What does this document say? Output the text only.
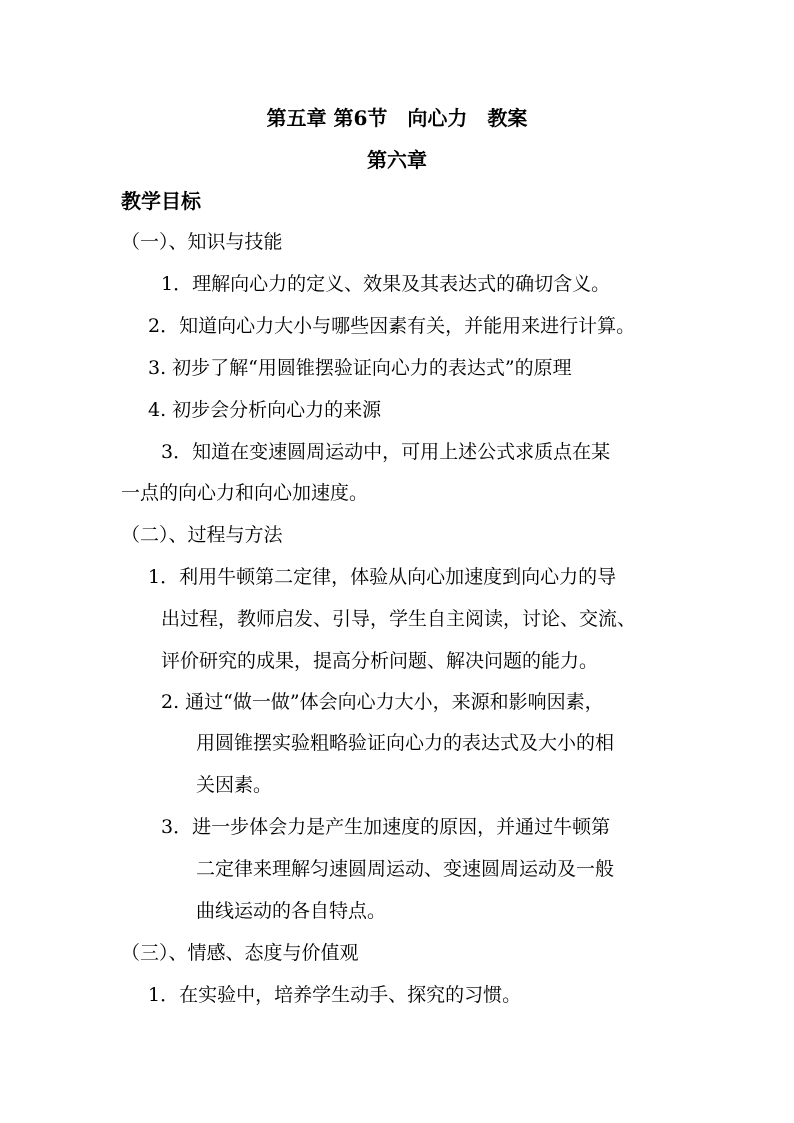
第五章 第6节　向心力　教案
第六章
教学目标
（一）、知识与技能
1．理解向心力的定义、效果及其表达式的确切含义。
2．知道向心力大小与哪些因素有关，并能用来进行计算。
3. 初步了解“用圆锥摆验证向心力的表达式”的原理
4. 初步会分析向心力的来源
3．知道在变速圆周运动中，可用上述公式求质点在某
一点的向心力和向心加速度。
（二）、过程与方法
1．利用牛顿第二定律，体验从向心加速度到向心力的导
出过程，教师启发、引导，学生自主阅读，讨论、交流、
评价研究的成果，提高分析问题、解决问题的能力。
2. 通过“做一做”体会向心力大小，来源和影响因素，
用圆锥摆实验粗略验证向心力的表达式及大小的相
关因素。
3．进一步体会力是产生加速度的原因，并通过牛顿第
二定律来理解匀速圆周运动、变速圆周运动及一般
曲线运动的各自特点。
（三）、情感、态度与价值观
1．在实验中，培养学生动手、探究的习惯。
